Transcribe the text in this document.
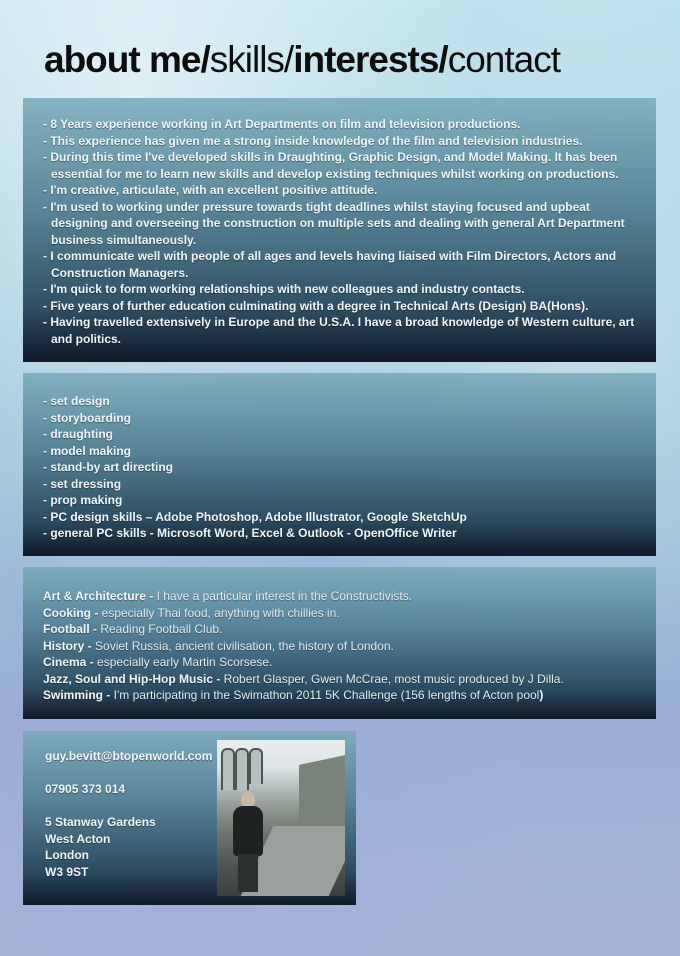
about me/skills/interests/contact
- 8 Years experience working in Art Departments on film and television productions.
- This experience has given me a strong inside knowledge of the film and television industries.
- During this time I've developed skills in Draughting, Graphic Design, and Model Making. It has been essential for me to learn new skills and develop existing techniques whilst working on productions.
- I'm creative, articulate, with an excellent positive attitude.
- I'm used to working under pressure towards tight deadlines whilst staying focused and upbeat designing and overseeing the construction on multiple sets and dealing with general Art Department business simultaneously.
- I communicate well with people of all ages and levels having liaised with Film Directors, Actors and Construction Managers.
- I'm quick to form working relationships with new colleagues and industry contacts.
- Five years of further education culminating with a degree in Technical Arts (Design) BA(Hons).
- Having travelled extensively in Europe and the U.S.A. I have a broad knowledge of Western culture, art and politics.
- set design
- storyboarding
- draughting
- model making
- stand-by art directing
- set dressing
- prop making
- PC design skills – Adobe Photoshop, Adobe Illustrator, Google SketchUp
- general PC skills - Microsoft Word, Excel & Outlook - OpenOffice Writer
Art & Architecture - I have a particular interest in the Constructivists.
Cooking - especially Thai food, anything with chillies in.
Football - Reading Football Club.
History - Soviet Russia, ancient civilisation, the history of London.
Cinema - especially early Martin Scorsese.
Jazz, Soul and Hip-Hop Music - Robert Glasper, Gwen McCrae, most music produced by J Dilla.
Swimming - I'm participating in the Swimathon 2011 5K Challenge (156 lengths of Acton pool)
guy.bevitt@btopenworld.com
07905 373 014
5 Stanway Gardens
West Acton
London
W3 9ST
